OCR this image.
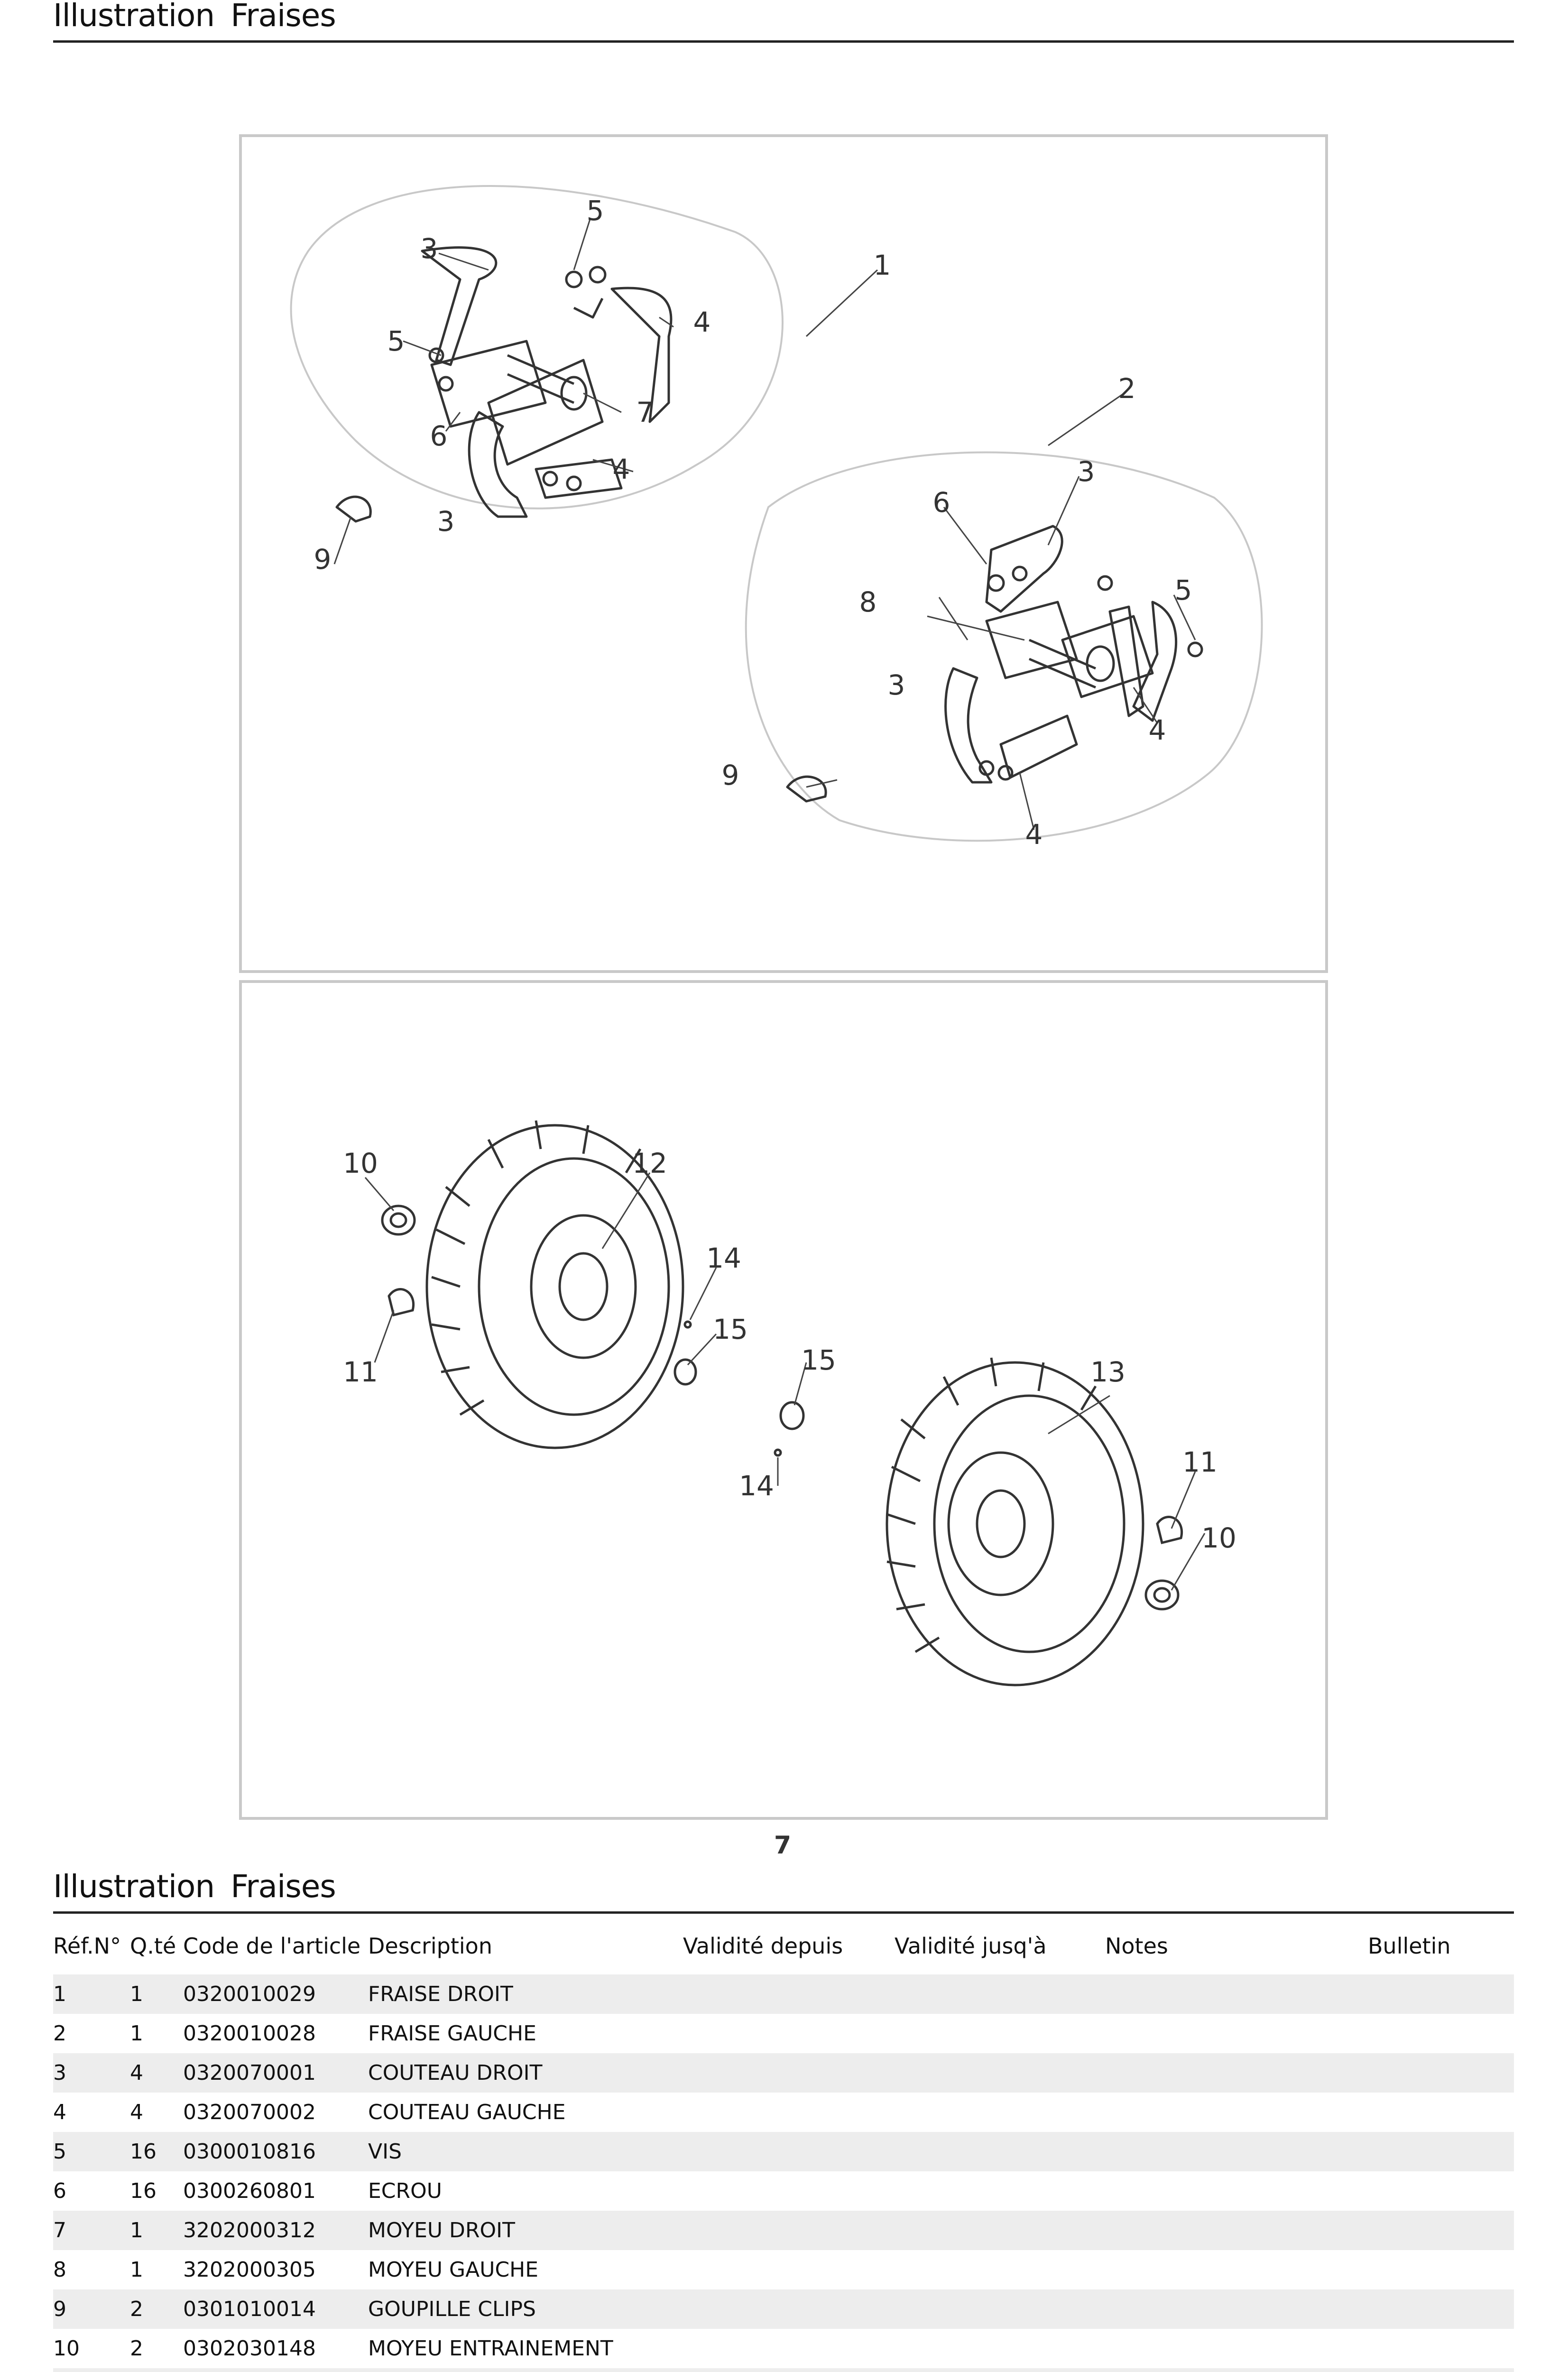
Illustration Fraises
1
2
3
3
3
3
4
4
4
4
5
5
5
6
6
7
8
9
9
10
10
11
11
12
13
14
14
15
15
7
Illustration Fraises
Réf.N° Q.té Code de l'article Description	Validité depuis Validité jusq'à	Notes	Bulletin
1	1 0320010029	FRAISE DROIT
2	1 0320010028	FRAISE GAUCHE
3	4 0320070001	COUTEAU DROIT
4	4 0320070002	COUTEAU GAUCHE
5	16 0300010816	VIS
6	16 0300260801	ECROU
7	1 3202000312	MOYEU DROIT
8	1 3202000305	MOYEU GAUCHE
9	2 0301010014	GOUPILLE CLIPS
10 2 0302030148	MOYEU ENTRAINEMENT
